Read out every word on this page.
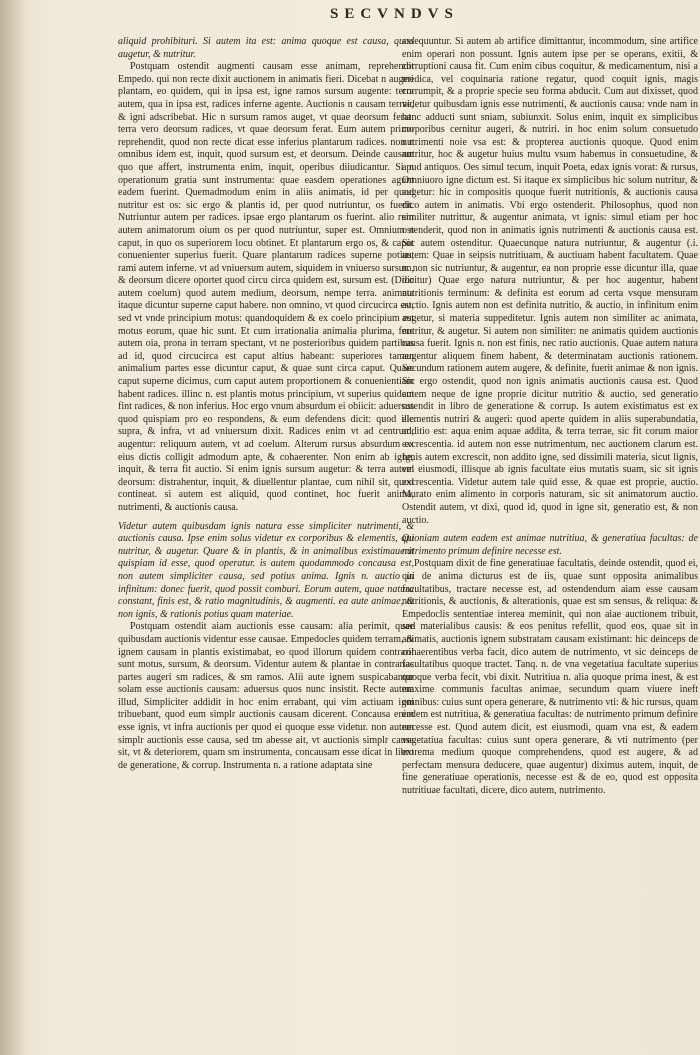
SECVNDVS

aliquid prohibituri. Si autem ita est: anima quoque est causa, quod augetur, & nutritur.

Postquam ostendit augmenti causam esse animam, reprehendit Empedo. qui non recte dixit auctionem in animatis fieri. Dicebat n augeri plantam, eo quidem, qui in ipsa est, igne ramos sursum augente: terra autem, qua in ipsa est, radices inferne agente. Auctionis n causam terrae, & igni adscribebat. Hic n sursum ramos auget, vt quae deorsum ferat: terra vero deorsum radices, vt quae deorsum ferat. Eum autem primo reprehendit, quod non recte dicat esse inferius plantarum radices. non n omnibus idem est, inquit, quod sursum est, et deorsum. Deinde causam quo que affert, instrumenta enim, inquit, operibus diiudicantur. Si n operationum gratia sunt instrumenta: quae easdem operationes agunt eadem fuerint. Quemadmodum enim in aliis animatis, id per quod nutritur est os: sic ergo & plantis id, per quod nutriuntur, os fuerit. Nutriuntur autem per radices. ipsae ergo plantarum os fuerint. alio rum autem animatorum oium os per quod nutriuntur, super est. Omnium n caput, in quo os superiorem locu obtinet. Et plantarum ergo os, & caput conuenienter superius fuerit. Quare plantarum radices superne potius, rami autem inferne. vt ad vniuersum autem, siquidem in vniuerso sursum, & deorsum dicere oportet quod circu circa quidem est, sursum est. (Dico autem coelum) quod autem medium, deorsum, nempe terra. animata itaque dicuntur superne caput habere. non omnino, vt quod circucirca est, sed vt vnde principium motus: quandoquidem & ex coelo principium est motus eorum, quae hic sunt. Et cum irrationalia animalia plurima, fere autem oia, prona in terram spectant, vt ne posterioribus quidem partibus ad id, quod circucirca est caput altius habeant: superiores tamen animalium partes esse dicuntur caput, & quae sunt circa caput. Quare caput superne dicimus, cum caput autem proportionem & conuenientiam habent radices. illinc n. est plantis motus principium, vt superius quidem fint radices, & non inferius. Hoc ergo vnum absurdum ei obiicit: aduersus quod quispiam pro eo respondens, & eum defendens dicit: quod ille supra, & infra, vt ad vniuersum dixit. Radices enim vt ad centrum, augentur: reliquum autem, vt ad coelum. Alterum rursus absurdum ex eius dictis colligit admodum apte, & cohaerenter. Non enim ab igne, inquit, & terra fit auctio. Si enim ignis sursum augetur: & terra autem deorsum: distrahentur, inquit, & diuellentur plantae, cum nihil sit, quod contineat. si autem est aliquid, quod continet, hoc fuerit anima, nutrimenti, & auctionis causa.

Videtur autem quibusdam ignis natura esse simpliciter nutrimenti, & auctionis causa. Ipse enim solus videtur ex corporibus & elementis, qui nutritur, & augetur. Quare & in plantis, & in animalibus existimauerit quispiam id esse, quod operatur. is autem quodammodo concausa est, non autem simpliciter causa, sed potius anima. Ignis n. auctio in infinitum: donec fuerit, quod possit comburi. Eorum autem, quae natura constant, finis est, & ratio magnitudinis, & augmenti. ea aute animae, & non ignis, & rationis potius quam materiae.

Postquam ostendit aiam auctionis esse causam: alia perimit, quae quibusdam auctionis videntur esse causae. Empedocles quidem terram, & ignem causam in plantis existimabat, eo quod illorum quidem contrarii sunt motus, sursum, & deorsum. Videntur autem & plantae in contrarias partes augeri sm radices, & sm ramos. Alii aute ignem suspicabantur solam esse auctionis causam: aduersus quos nunc insistit. Recte autem illud, Simpliciter addidit in hoc enim errabant, qui vim actiuam igni tribuebant, quod eum simplr auctionis causam dicerent. Concausa enim esse ignis, vt infra auctionis per quod ei quoque esse videtur. non autem simplr auctionis esse causa, sed tm abesse ait, vt auctionis simplr causa sit, vt & deteriorem, quam sm instrumenta, concausam esse dicat in libro de generatione, & corrup. Instrumenta n. a ratione adaptata sine

assequuntur. Si autem ab artifice dimittantur, incommodum, sine artifice enim operari non possunt. Ignis autem ipse per se operans, exitii, & corruptioni causa fit. Cum enim cibus coquitur, & medicamentum, nisi a medica, vel coquinaria ratione regatur, quod coquit ignis, magis corrumpit, & a proprie specie seu forma abducit. Cum aut dixisset, quod videtur quibusdam ignis esse nutrimenti, & auctionis causa: vnde nam in hanc adducti sunt sniam, subiunxit. Solus enim, inquit ex simplicibus corporibus cernitur augeri, & nutriri. in hoc enim solum consuetudo nutrimenti noie vsa est: & propterea auctionis quoque. Quod enim nutritur, hoc & augetur huius multu vsum habemus in consuetudine, & apud antiquos. Oes simul tecum, inquit Poeta, edax ignis vorat: & rursus, Omniuoro igne dictum est. Si itaque ex simplicibus hic solum nutritur, & augetur: hic in compositis quoque fuerit nutritionis, & auctionis causa dico autem in animatis. Vbi ergo ostenderit. Philosophus, quod non similiter nutrittur, & augentur animata, vt ignis: simul etiam per hoc ostenderit, quod non in animatis ignis nutrimenti & auctionis causa est. Sic autem ostenditur. Quaecunque natura nutriuntur, & augentur (.i. autem: Quae in seipsis nutritiuam, & auctiuam habent facultatem. Quae n. non sic nutriuntur, & augentur, ea non proprie esse dicuntur illa, quae dicitur) Quae ergo natura nutriuntur, & per hoc augentur, habent nutritionis terminum: & definita est eorum ad certa vsque mensuram auctio. Ignis autem non est definita nutritio, & auctio, in infinitum enim augetur, si materia suppeditetur. Ignis autem non similiter ac animata, nutritur, & augetur. Si autem non similiter: ne animatis quidem auctionis causa fuerit. Ignis n. non est finis, nec ratio auctionis. Quae autem natura augentur aliquem finem habent, & determinatam auctionis rationem. Secundum rationem autem augere, & definite, fuerit animae & non ignis. Sic ergo ostendit, quod non ignis animatis auctionis causa est. Quod autem neque de igne proprie dicitur nutritio & auctio, sed generatio ostendit in libro de generatione & corrup. Is autem existimatus est ex elementis nutriri & augeri: quod aperte quidem in aliis superabundatia, additio est: aqua enim aquae addita, & terra terrae, sic fit corum maior excrescentia. id autem non esse nutrimentum, nec auctionem clarum est. Ignis autem excrescit, non addito igne, sed dissimili materia, sicut lignis, vel eiusmodi, illisque ab ignis facultate eius mutatis suam, sic sit ignis excrescentia. Videtur autem tale quid esse, & quae est proprie, auctio. Murato enim alimento in corporis naturam, sic sit animatorum auctio. Ostendit autem, vt dixi, quod id, quod in igne sit, generatio est, & non auctio.

Quoniam autem eadem est animae nutritiua, & generatiua facultas: de nutrimento primum definire necesse est.

Postquam dixit de fine generatiuae facultatis, deinde ostendit, quod ei, qui de anima dicturus est de iis, quae sunt opposita animalibus facultatibus, tractare necesse est, ad ostendendum aiam esse causam nutritionis, & auctionis, & alterationis, quae est sm sensus, & reliqua: & Empedoclis sententiae interea meminit, qui non aiae auctionem tribuit, sed materialibus causis: & eos penitus refellit, quod eos, quae sit in animatis, auctionis ignem substratam causam existimant: hic deinceps de cohaerentibus verba facit, dico autem de nutrimento, vt sic deinceps de facultatibus quoque tractet. Tanq. n. de vna vegetatiua facultate superius quoque verba fecit, vbi dixit. Nutritiua n. alia quoque prima inest, & est maxime communis facultas animae, secundum quam viuere ineft omnibus: cuius sunt opera generare, & nutrimento vti: & hic rursus, quam eadem est nutritiua, & generatiua facultas: de nutrimento primum definire necesse est. Quod autem dicit, est eiusmodi, quam vna est, & eadem vegetatiua facultas: cuius sunt opera generare, & vti nutrimento (per extrema medium quoque comprehendens, quod est augere, & ad perfectam mensura deducere, quae augentur) diximus autem, inquit, de fine generatiuae operationis, necesse est & de eo, quod est opposita nutritiuae facultati, dicere, dico autem, nutrimento.
